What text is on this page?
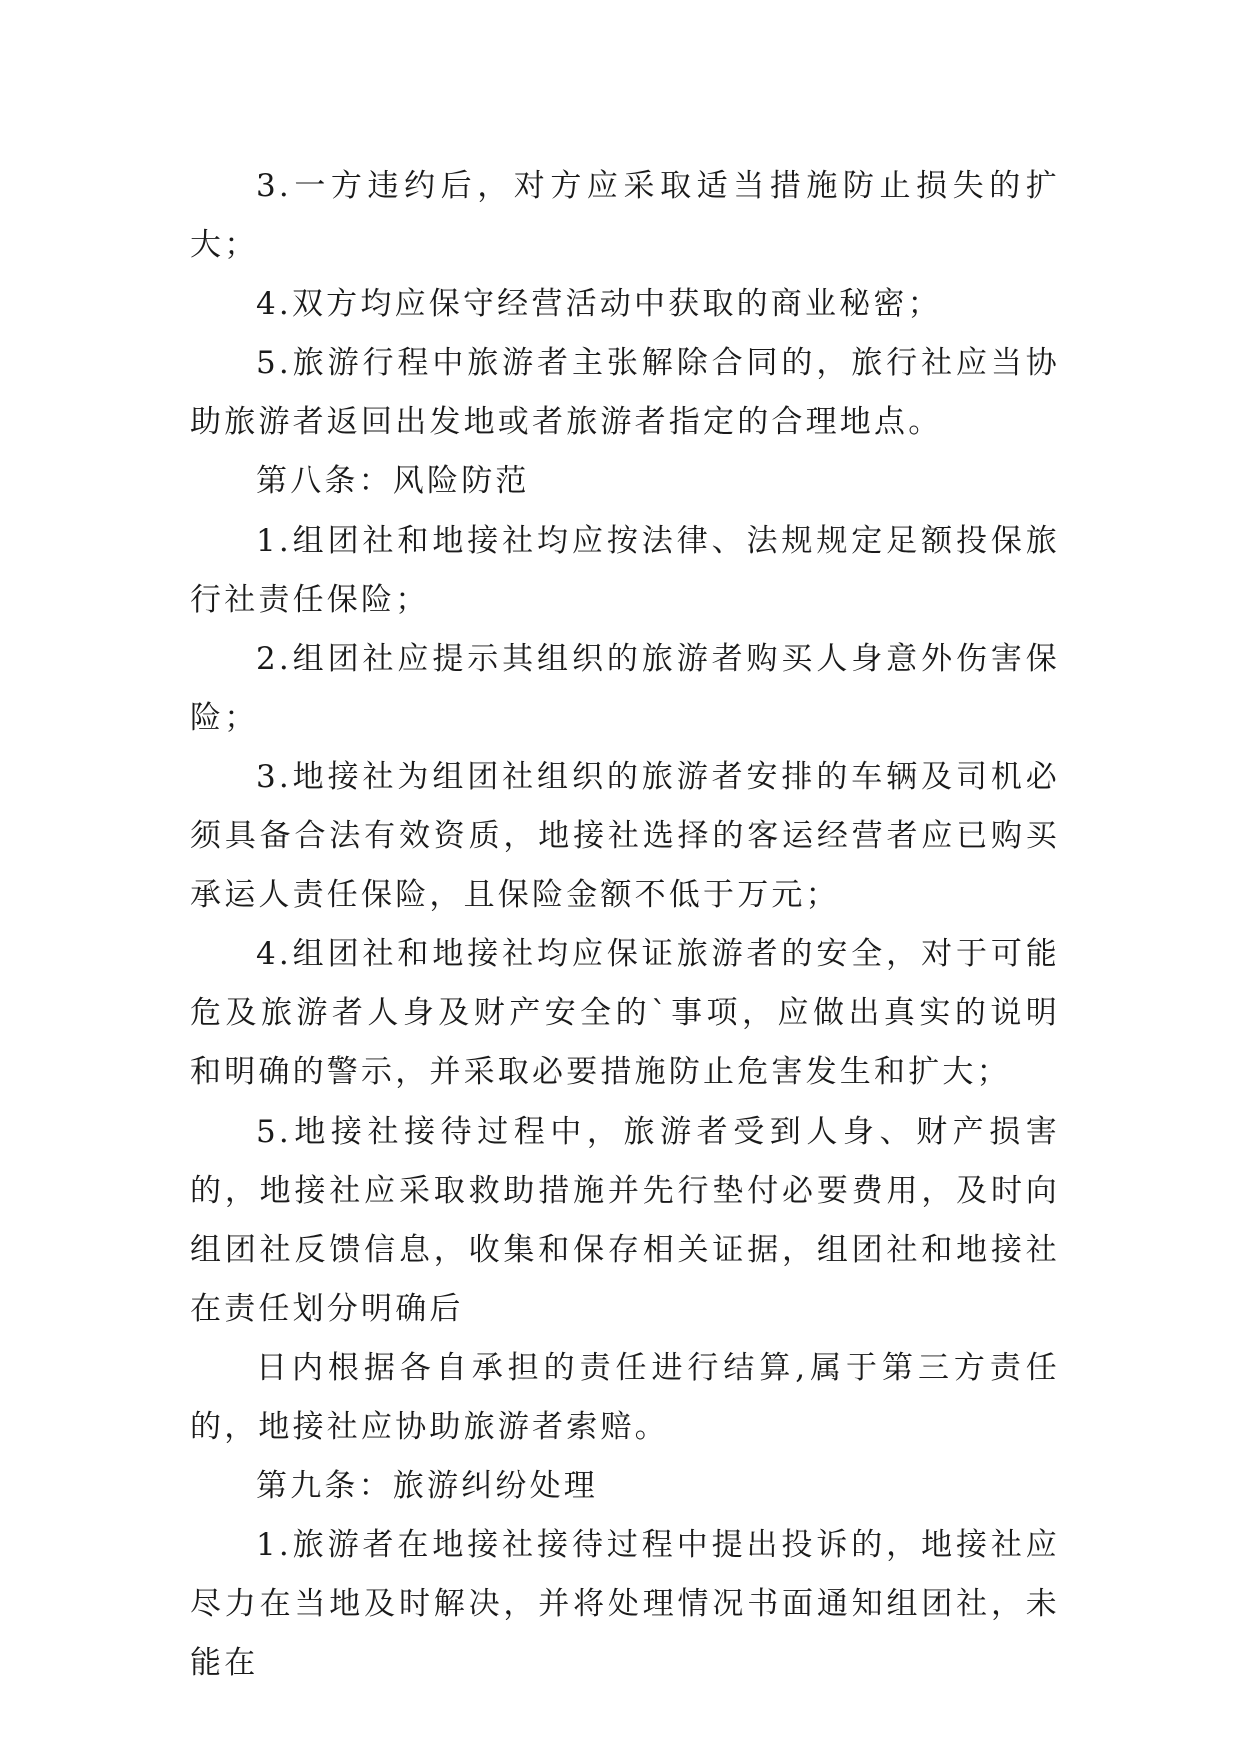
3.一方违约后，对方应采取适当措施防止损失的扩大；

4.双方均应保守经营活动中获取的商业秘密；

5.旅游行程中旅游者主张解除合同的，旅行社应当协助旅游者返回出发地或者旅游者指定的合理地点。

第八条：风险防范

1.组团社和地接社均应按法律、法规规定足额投保旅行社责任保险；

2.组团社应提示其组织的旅游者购买人身意外伤害保险；

3.地接社为组团社组织的旅游者安排的车辆及司机必须具备合法有效资质，地接社选择的客运经营者应已购买承运人责任保险，且保险金额不低于万元；

4.组团社和地接社均应保证旅游者的安全，对于可能危及旅游者人身及财产安全的`事项，应做出真实的说明和明确的警示，并采取必要措施防止危害发生和扩大；

5.地接社接待过程中，旅游者受到人身、财产损害的，地接社应采取救助措施并先行垫付必要费用，及时向组团社反馈信息，收集和保存相关证据，组团社和地接社在责任划分明确后

日内根据各自承担的责任进行结算,属于第三方责任的，地接社应协助旅游者索赔。

第九条：旅游纠纷处理

1.旅游者在地接社接待过程中提出投诉的，地接社应尽力在当地及时解决，并将处理情况书面通知组团社，未能在
